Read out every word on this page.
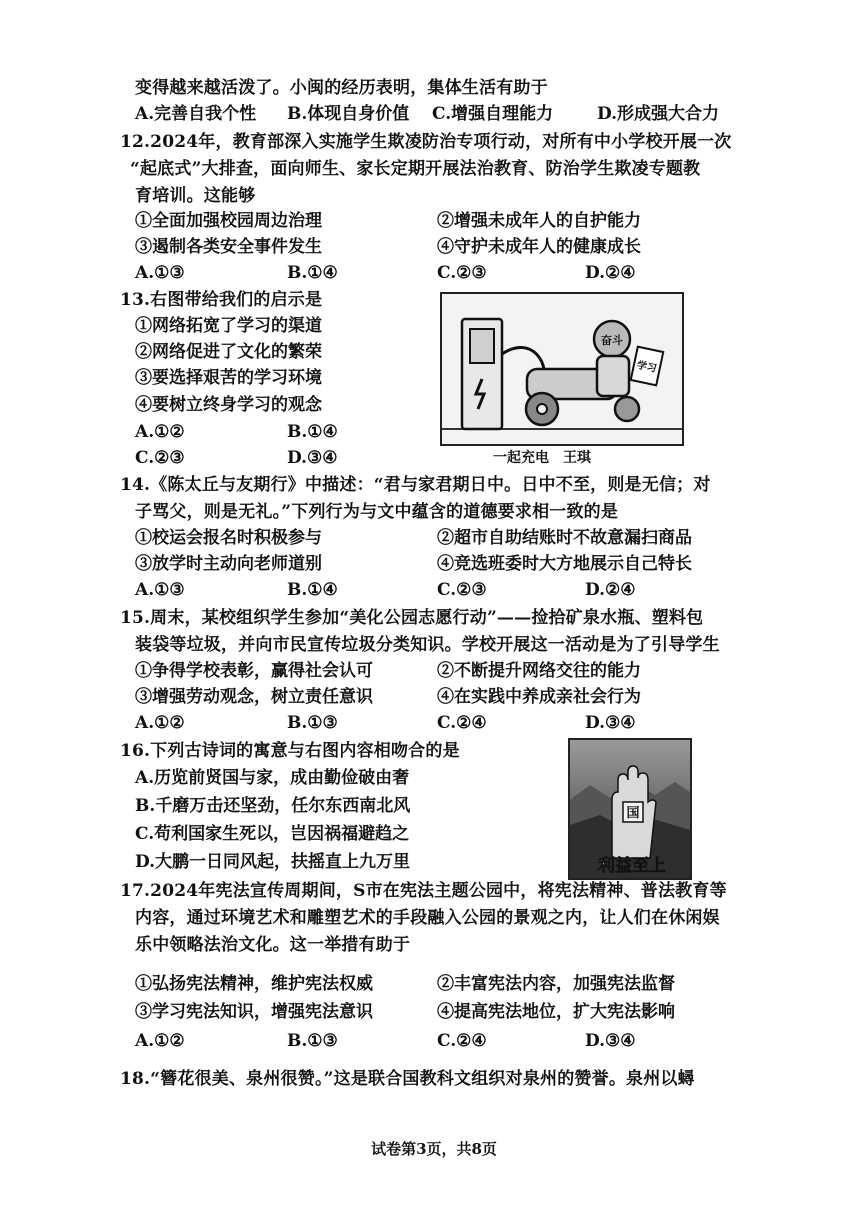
变得越来越活泼了。小闽的经历表明，集体生活有助于
A.完善自我个性 B.体现自身价值 C.增强自理能力	D.形成强大合力
12.2024年，教育部深入实施学生欺凌防治专项行动，对所有中小学校开展一次
“起底式”大排查，面向师生、家长定期开展法治教育、防治学生欺凌专题教
育培训。这能够
①全面加强校园周边治理	②增强未成年人的自护能力
③遏制各类安全事件发生	④守护未成年人的健康成长
A.①③	B.①④	C.②③	D.②④
13.右图带给我们的启示是
①网络拓宽了学习的渠道
②网络促进了文化的繁荣
③要选择艰苦的学习环境
④要树立终身学习的观念
A.①②	B.①④
C.②③	D.③④
奋斗
学习
一起充电　王琪
14.《陈太丘与友期行》中描述：“君与家君期日中。日中不至，则是无信；对
子骂父，则是无礼。”下列行为与文中蕴含的道德要求相一致的是
①校运会报名时积极参与	②超市自助结账时不故意漏扫商品
③放学时主动向老师道别	④竞选班委时大方地展示自己特长
A.①③	B.①④	C.②③	D.②④
15.周末，某校组织学生参加“美化公园志愿行动”——捡拾矿泉水瓶、塑料包
装袋等垃圾，并向市民宣传垃圾分类知识。学校开展这一活动是为了引导学生
①争得学校表彰，赢得社会认可	②不断提升网络交往的能力
③增强劳动观念，树立责任意识	④在实践中养成亲社会行为
A.①②	B.①③	C.②④	D.③④
16.下列古诗词的寓意与右图内容相吻合的是
A.历览前贤国与家，成由勤俭破由奢
B.千磨万击还坚劲，任尔东西南北风
C.苟利国家生死以，岂因祸福避趋之
D.大鹏一日同风起，扶摇直上九万里
国
利益至上
17.2024年宪法宣传周期间，S市在宪法主题公园中，将宪法精神、普法教育等
内容，通过环境艺术和雕塑艺术的手段融入公园的景观之内，让人们在休闲娱
乐中领略法治文化。这一举措有助于
①弘扬宪法精神，维护宪法权威	②丰富宪法内容，加强宪法监督
③学习宪法知识，增强宪法意识	④提高宪法地位，扩大宪法影响
A.①②	B.①③	C.②④	D.③④
18.“簪花很美、泉州很赞。”这是联合国教科文组织对泉州的赞誉。泉州以蟳
试卷第3页，共8页
